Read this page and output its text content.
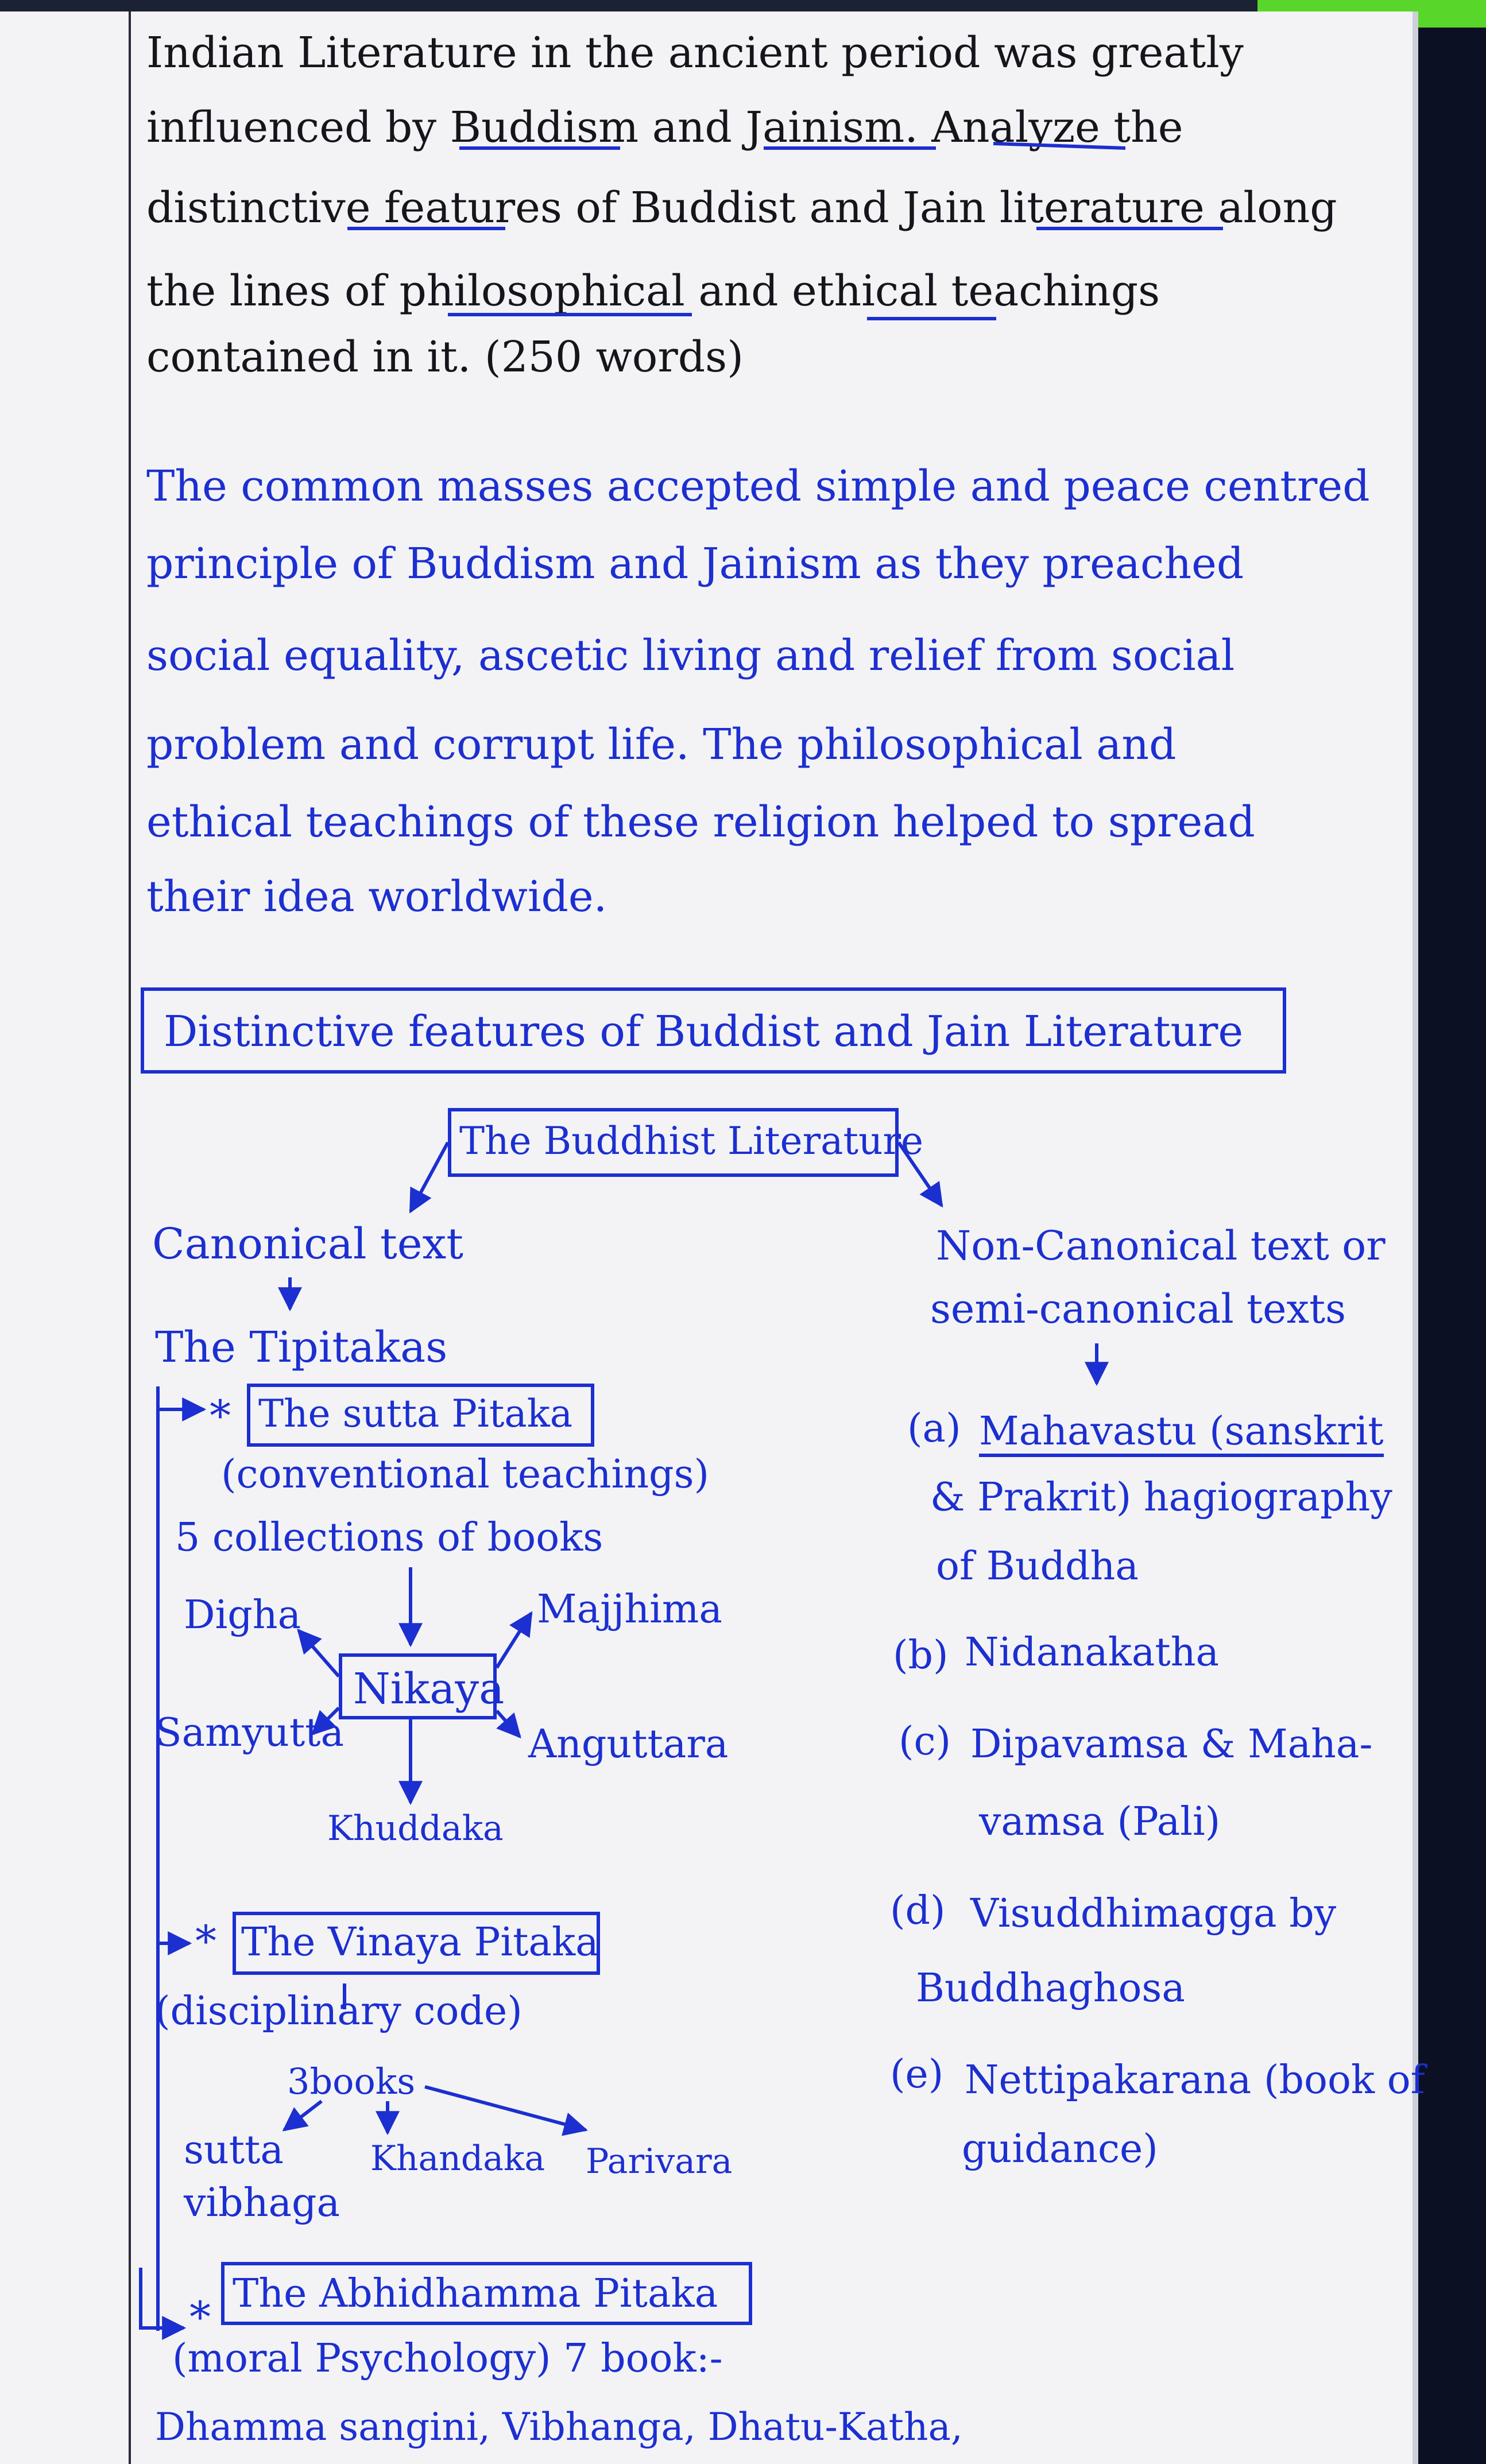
Indian Literature in the ancient period was greatly
influenced by Buddism and Jainism. Analyze the
distinctive features of Buddist and Jain literature along
the lines of philosophical and ethical teachings
contained in it. (250 words)
The common masses accepted simple and peace centred
principle of Buddism and Jainism as they preached
social equality, ascetic living and relief from social
problem and corrupt life. The philosophical and
ethical teachings of these religion helped to spread
their idea worldwide.
Distinctive features of Buddist and Jain Literature
The Buddhist Literature
Canonical text
The Tipitakas
* The sutta Pitaka
(conventional teachings)
5 collections of books
Digha	Majjhima
Nikaya
Samyutta	Anguttara
Khuddaka
* The Vinaya Pitaka
(disciplinary code)
3books
sutta vibhaga
Khandaka Parivara
* The Abhidhamma Pitaka
(moral Psychology) 7 book:-
Dhamma sangini, Vibhanga, Dhatu-Katha,
Non-Canonical text or
semi-canonical texts
(a) Mahavastu (sanskrit
& Prakrit) hagiography
of Buddha
(b) Nidanakatha
(c) Dipavamsa & Maha-
vamsa (Pali)
(d) Visuddhimagga by
Buddhaghosa
(e) Nettipakarana (book of
guidance)
